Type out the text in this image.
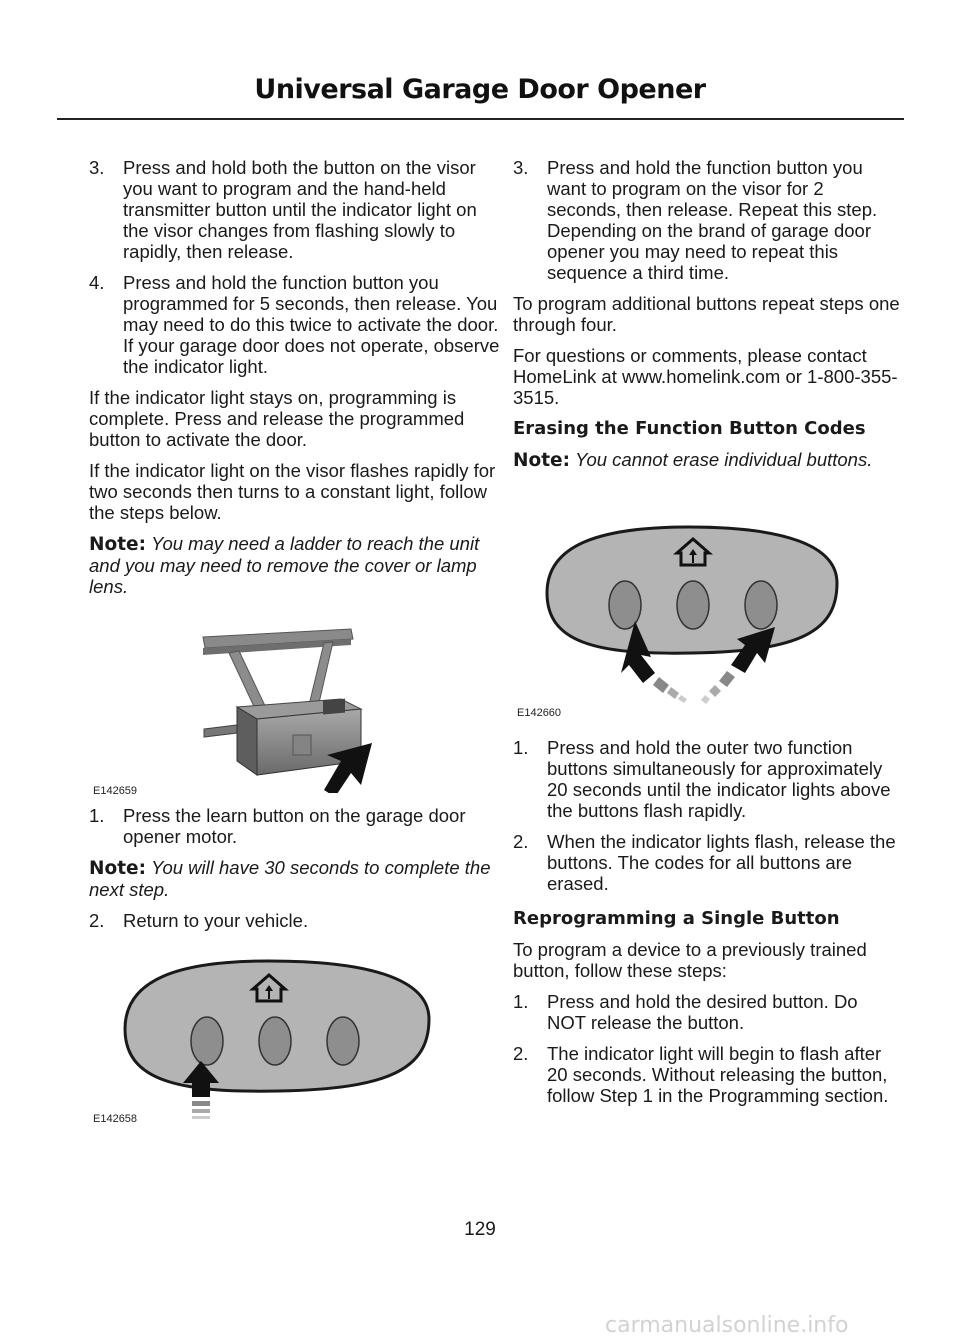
Universal Garage Door Opener
3. Press and hold both the button on the visor you want to program and the hand-held transmitter button until the indicator light on the visor changes from flashing slowly to rapidly, then release.
4. Press and hold the function button you programmed for 5 seconds, then release. You may need to do this twice to activate the door. If your garage door does not operate, observe the indicator light.

If the indicator light stays on, programming is complete. Press and release the programmed button to activate the door.

If the indicator light on the visor flashes rapidly for two seconds then turns to a constant light, follow the steps below.

Note: You may need a ladder to reach the unit and you may need to remove the cover or lamp lens.

E142659
1. Press the learn button on the garage door opener motor.

Note: You will have 30 seconds to complete the next step.

2. Return to your vehicle.
E142658
3. Press and hold the function button you want to program on the visor for 2 seconds, then release. Repeat this step. Depending on the brand of garage door opener you may need to repeat this sequence a third time.

To program additional buttons repeat steps one through four.

For questions or comments, please contact HomeLink at www.homelink.com or 1-800-355-3515.

Erasing the Function Button Codes

Note: You cannot erase individual buttons.

E142660
1. Press and hold the outer two function buttons simultaneously for approximately 20 seconds until the indicator lights above the buttons flash rapidly.
2. When the indicator lights flash, release the buttons. The codes for all buttons are erased.
Reprogramming a Single Button

To program a device to a previously trained button, follow these steps:

1. Press and hold the desired button. Do NOT release the button.
2. The indicator light will begin to flash after 20 seconds. Without releasing the button, follow Step 1 in the Programming section.
129
carmanualsonline.info
